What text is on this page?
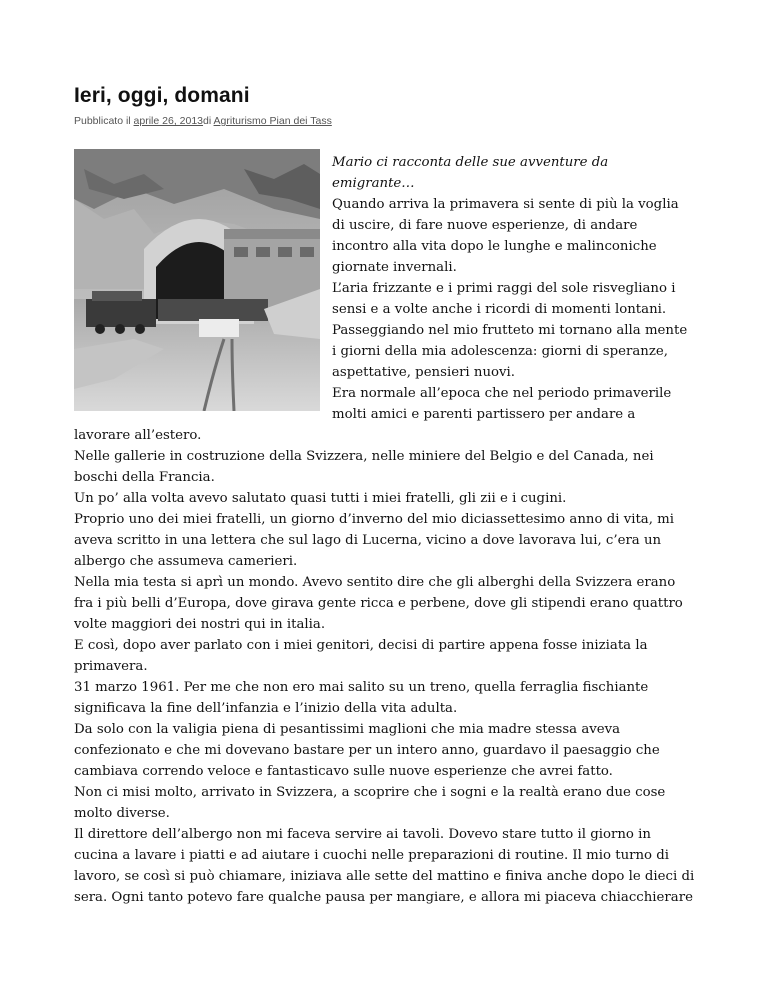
Ieri, oggi, domani
Pubblicato il aprile 26, 2013di Agriturismo Pian dei Tass

Mario ci racconta delle sue avventure da

emigrante…

Quando arriva la primavera si sente di più la voglia

di uscire, di fare nuove esperienze, di andare

incontro alla vita dopo le lunghe e malinconiche

giornate invernali.

L’aria frizzante e i primi raggi del sole risvegliano i

sensi e a volte anche i ricordi di momenti lontani.

Passeggiando nel mio frutteto mi tornano alla mente

i giorni della mia adolescenza: giorni di speranze,

aspettative, pensieri nuovi.

Era normale all’epoca che nel periodo primaverile

molti amici e parenti partissero per andare a

lavorare all’estero.

Nelle gallerie in costruzione della Svizzera, nelle miniere del Belgio e del Canada, nei

boschi della Francia.

Un po’ alla volta avevo salutato quasi tutti i miei fratelli, gli zii e i cugini.

Proprio uno dei miei fratelli, un giorno d’inverno del mio diciassettesimo anno di vita, mi

aveva scritto in una lettera che sul lago di Lucerna, vicino a dove lavorava lui, c’era un

albergo che assumeva camerieri.

Nella mia testa si aprì un mondo. Avevo sentito dire che gli alberghi della Svizzera erano

fra i più belli d’Europa, dove girava gente ricca e perbene, dove gli stipendi erano quattro

volte maggiori dei nostri qui in italia.

E così, dopo aver parlato con i miei genitori, decisi di partire appena fosse iniziata la

primavera.

31 marzo 1961. Per me che non ero mai salito su un treno, quella ferraglia fischiante

significava la fine dell’infanzia e l’inizio della vita adulta.

Da solo con la valigia piena di pesantissimi maglioni che mia madre stessa aveva

confezionato e che mi dovevano bastare per un intero anno, guardavo il paesaggio che

cambiava correndo veloce e fantasticavo sulle nuove esperienze che avrei fatto.

Non ci misi molto, arrivato in Svizzera, a scoprire che i sogni e la realtà erano due cose

molto diverse.

Il direttore dell’albergo non mi faceva servire ai tavoli. Dovevo stare tutto il giorno in

cucina a lavare i piatti e ad aiutare i cuochi nelle preparazioni di routine. Il mio turno di

lavoro, se così si può chiamare, iniziava alle sette del mattino e finiva anche dopo le dieci di

sera. Ogni tanto potevo fare qualche pausa per mangiare, e allora mi piaceva chiacchierare
